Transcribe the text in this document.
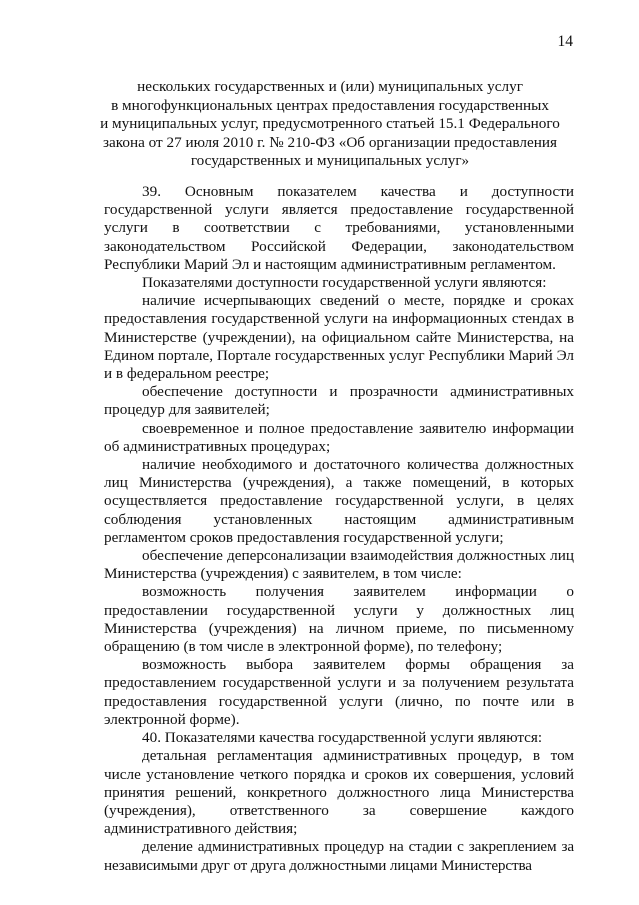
14
нескольких государственных и (или) муниципальных услуг
в многофункциональных центрах предоставления государственных
и муниципальных услуг, предусмотренного статьей 15.1 Федерального
закона от 27 июля 2010 г. № 210-ФЗ «Об организации предоставления
государственных и муниципальных услуг»

39. Основным показателем качества и доступности государственной услуги является предоставление государственной услуги в соответствии с требованиями, установленными законодательством Российской Федерации, законодательством Республики Марий Эл и настоящим административным регламентом.

Показателями доступности государственной услуги являются:

наличие исчерпывающих сведений о месте, порядке и сроках предоставления государственной услуги на информационных стендах в Министерстве (учреждении), на официальном сайте Министерства, на Едином портале, Портале государственных услуг Республики Марий Эл и в федеральном реестре;

обеспечение доступности и прозрачности административных процедур для заявителей;

своевременное и полное предоставление заявителю информации об административных процедурах;

наличие необходимого и достаточного количества должностных лиц Министерства (учреждения), а также помещений, в которых осуществляется предоставление государственной услуги, в целях соблюдения установленных настоящим административным регламентом сроков предоставления государственной услуги;

обеспечение деперсонализации взаимодействия должностных лиц Министерства (учреждения) с заявителем, в том числе:

возможность получения заявителем информации о предоставлении государственной услуги у должностных лиц Министерства (учреждения) на личном приеме, по письменному обращению (в том числе в электронной форме), по телефону;

возможность выбора заявителем формы обращения за предоставлением государственной услуги и за получением результата предоставления государственной услуги (лично, по почте или в электронной форме).

40. Показателями качества государственной услуги являются:

детальная регламентация административных процедур, в том числе установление четкого порядка и сроков их совершения, условий принятия решений, конкретного должностного лица Министерства (учреждения), ответственного за совершение каждого административного действия;

деление административных процедур на стадии с закреплением за независимыми друг от друга должностными лицами Министерства
